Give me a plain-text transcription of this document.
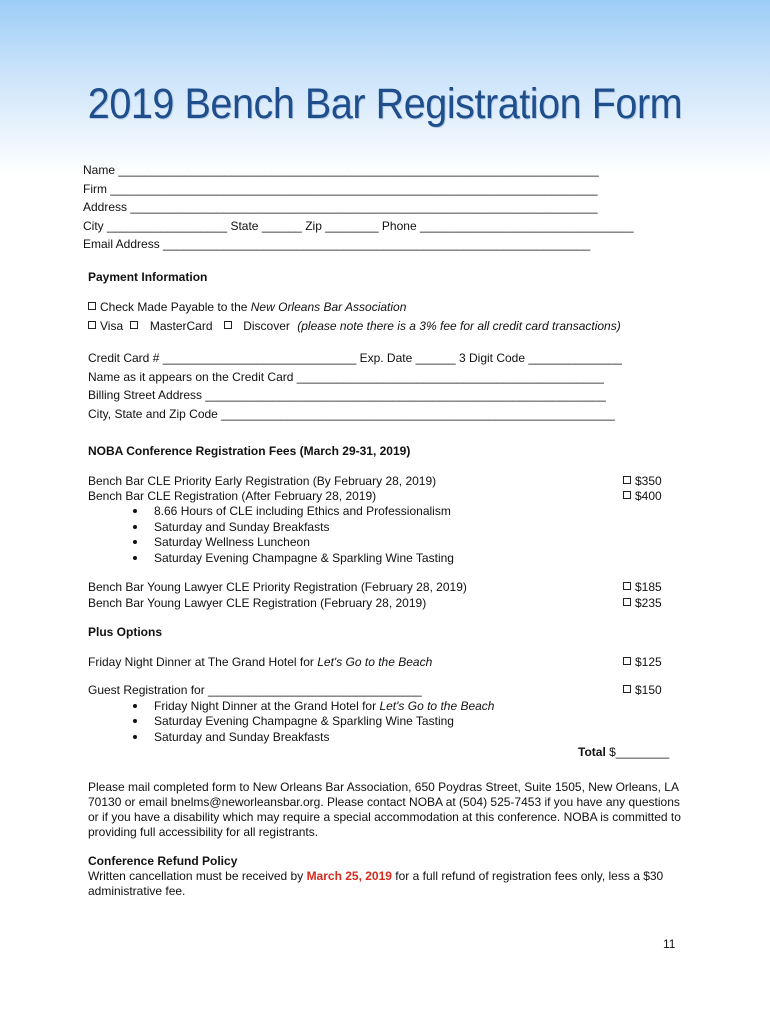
2019 Bench Bar Registration Form
Name ________________________________________________________________________
Firm _________________________________________________________________________
Address ______________________________________________________________________
City __________________ State ______ Zip ________ Phone ________________________________
Email Address ________________________________________________________________
Payment Information
Check Made Payable to the New Orleans Bar Association
Visa MasterCard	Discover (please note there is a 3% fee for all credit card transactions)
Credit Card # _____________________________ Exp. Date ______ 3 Digit Code ______________
Name as it appears on the Credit Card ______________________________________________
Billing Street Address ____________________________________________________________
City, State and Zip Code ___________________________________________________________
NOBA Conference Registration Fees (March 29-31, 2019)
Bench Bar CLE Priority Early Registration (By February 28, 2019)	$350
Bench Bar CLE Registration (After February 28, 2019)	$400
8.66 Hours of CLE including Ethics and Professionalism
Saturday and Sunday Breakfasts
Saturday Wellness Luncheon
Saturday Evening Champagne & Sparkling Wine Tasting
Bench Bar Young Lawyer CLE Priority Registration (February 28, 2019)	$185
Bench Bar Young Lawyer CLE Registration (February 28, 2019)	$235
Plus Options
Friday Night Dinner at The Grand Hotel for Let's Go to the Beach	$125
Guest Registration for ________________________________	$150
Friday Night Dinner at the Grand Hotel for Let's Go to the Beach
Saturday Evening Champagne & Sparkling Wine Tasting
Saturday and Sunday Breakfasts
Total $________
Please mail completed form to New Orleans Bar Association, 650 Poydras Street, Suite 1505, New Orleans, LA 70130 or email bnelms@neworleansbar.org. Please contact NOBA at (504) 525-7453 if you have any questions or if you have a disability which may require a special accommodation at this conference. NOBA is committed to providing full accessibility for all registrants.
Conference Refund Policy
Written cancellation must be received by March 25, 2019 for a full refund of registration fees only, less a $30 administrative fee.
11
